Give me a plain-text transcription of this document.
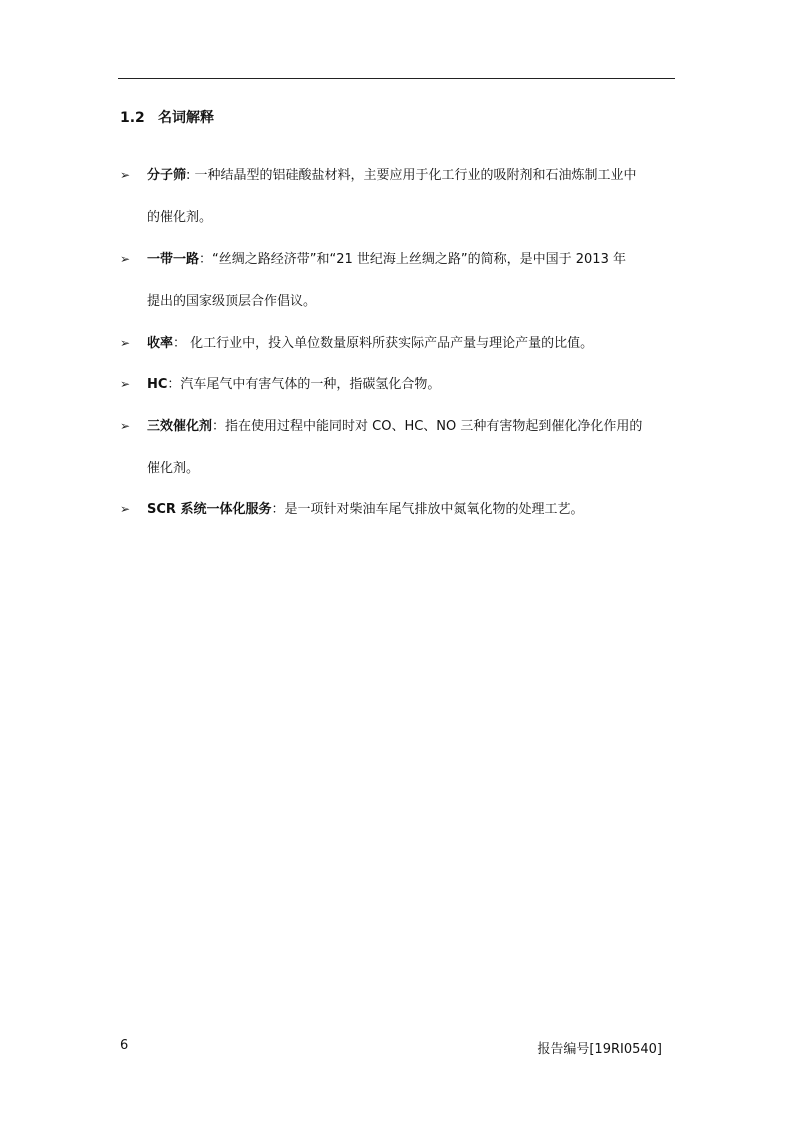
1.2 名词解释
➢ 分子筛: 一种结晶型的铝硅酸盐材料，主要应用于化工行业的吸附剂和石油炼制工业中
的催化剂。
➢ 一带一路：“丝绸之路经济带”和“21 世纪海上丝绸之路”的简称，是中国于 2013 年
提出的国家级顶层合作倡议。
➢ 收率： 化工行业中，投入单位数量原料所获实际产品产量与理论产量的比值。
➢ HC：汽车尾气中有害气体的一种，指碳氢化合物。
➢ 三效催化剂：指在使用过程中能同时对 CO、HC、NO 三种有害物起到催化净化作用的
催化剂。
➢ SCR 系统一体化服务：是一项针对柴油车尾气排放中氮氧化物的处理工艺。
6	报告编号[19RI0540]
